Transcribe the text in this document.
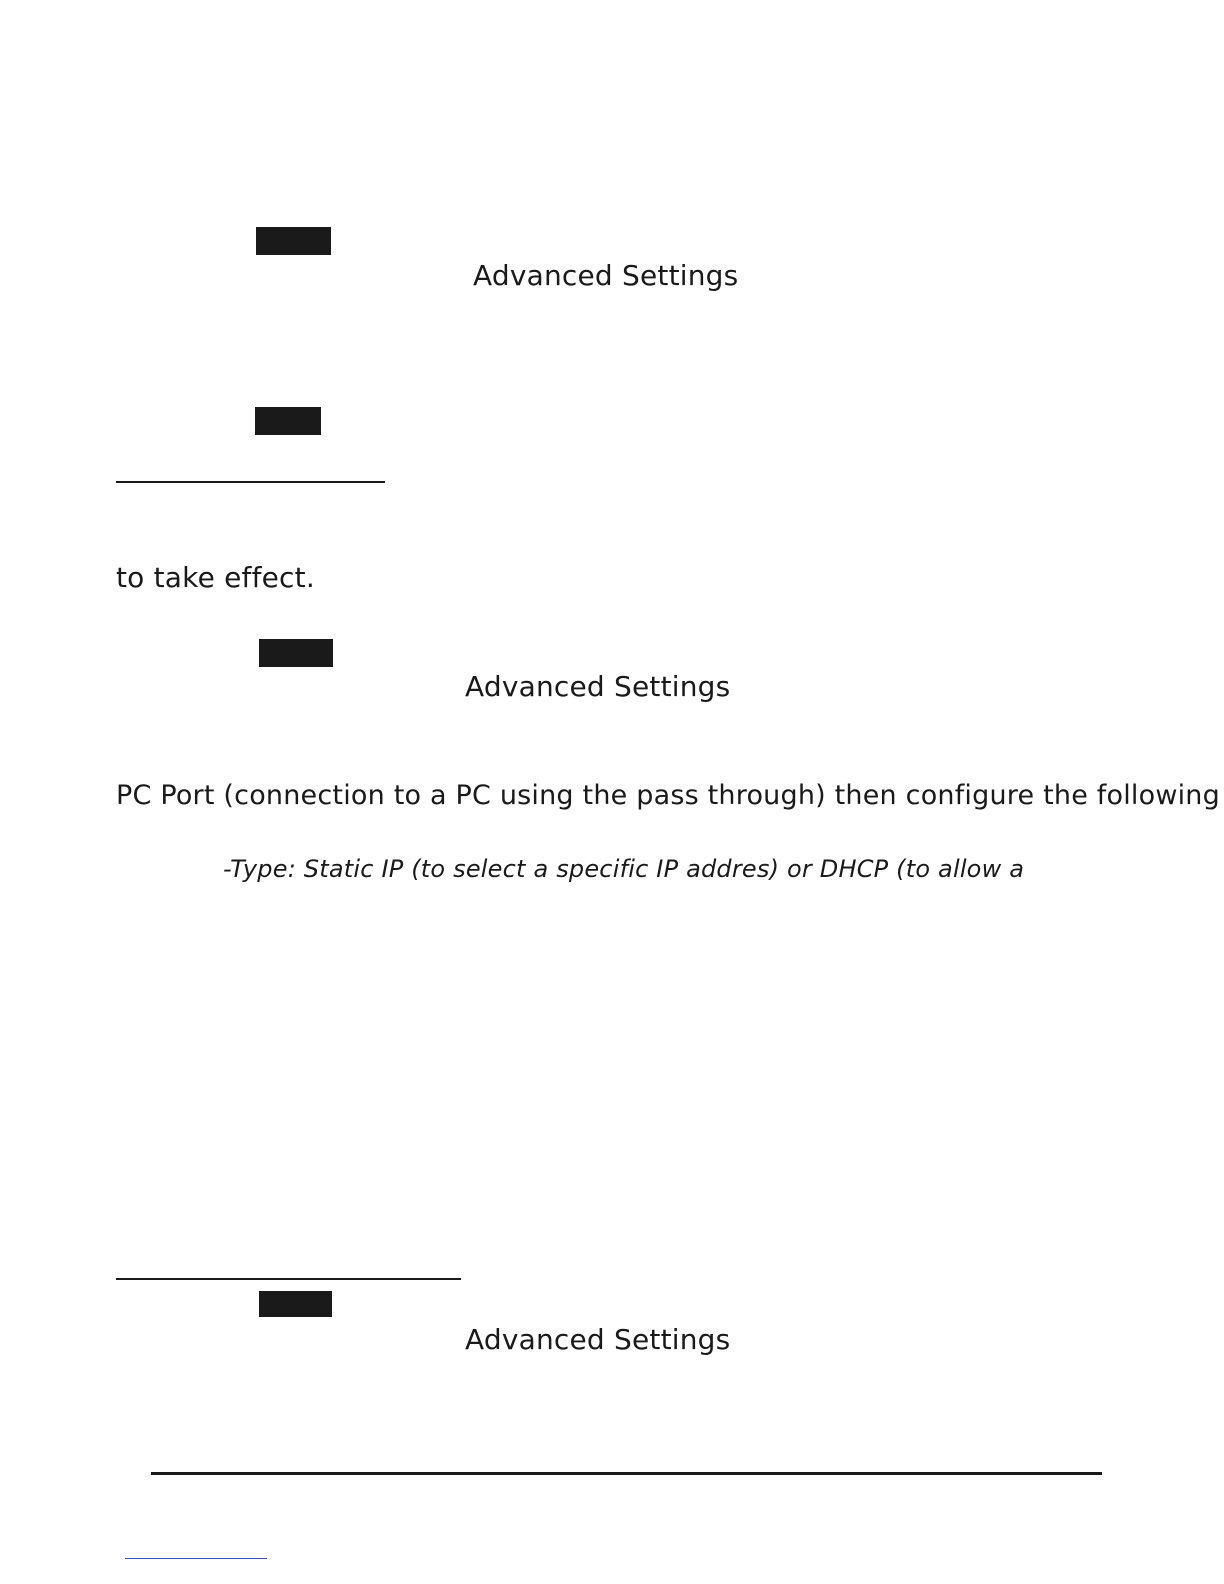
Advanced Settings
to take effect.
Advanced Settings
PC Port (connection to a PC using the pass through) then configure the following
-Type: Static IP (to select a specific IP addres) or DHCP (to allow a
Advanced Settings
